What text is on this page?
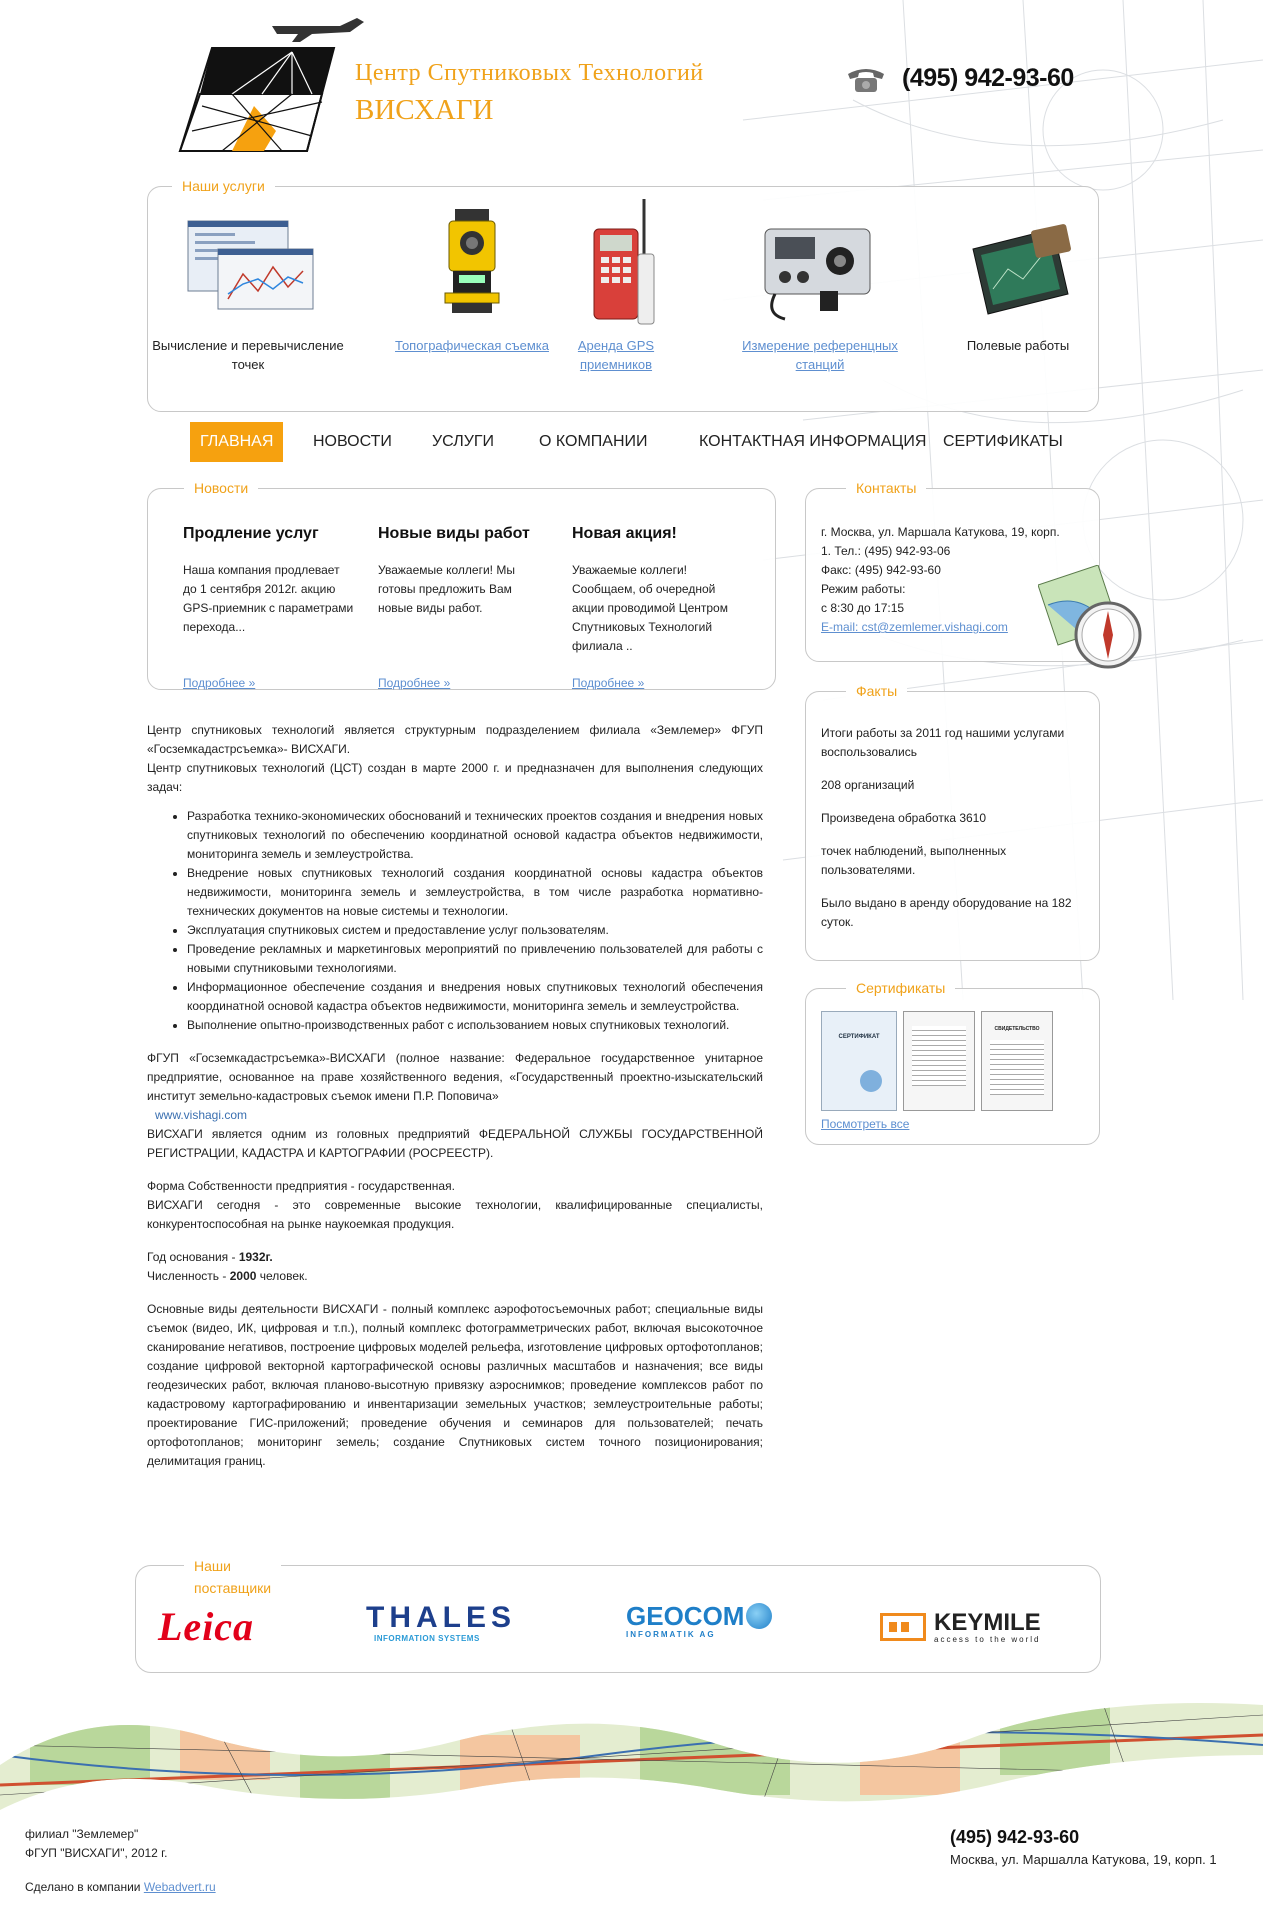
Центр Спутниковых Технологий
ВИСХАГИ
(495) 942-93-60
Наши услуги
Вычисление и перевычисление точек
Топографическая съемка	Аренда GPS приемников
Измерение референцных станций
Полевые работы
ГЛАВНАЯ	НОВОСТИ	УСЛУГИ	О КОМПАНИИ	КОНТАКТНАЯ ИНФОРМАЦИЯ	СЕРТИФИКАТЫ
Новости
Продление услуг
Наша компания продлевает до 1 сентября 2012г. акцию GPS-приемник с параметрами перехода...
Подробнее »
Новые виды работ
Уважаемые коллеги! Мы готовы предложить Вам новые виды работ.
Подробнее »
Новая акция!
Уважаемые коллеги! Сообщаем, об очередной акции проводимой Центром Спутниковых Технологий филиала ..
Подробнее »
Контакты
г. Москва, ул. Маршала Катукова, 19, корп. 1. Тел.: (495) 942-93-06
Факс: (495) 942-93-60
Режим работы:
с 8:30 до 17:15
E-mail: cst@zemlemer.vishagi.com
Факты
Итоги работы за 2011 год нашими услугами воспользовались
208 организаций
Произведена обработка 3610
точек наблюдений, выполненных пользователями.
Было выдано в аренду оборудование на 182 суток.
Сертификаты
СЕРТИФИКАТ
СВИДЕТЕЛЬСТВО
Посмотреть все

Центр спутниковых технологий является структурным подразделением филиала «Землемер» ФГУП «Госземкадастрсъемка»- ВИСХАГИ.

Центр спутниковых технологий (ЦСТ) создан в марте 2000 г. и предназначен для выполнения следующих задач:

• Разработка технико-экономических обоснований и технических проектов создания и внедрения новых спутниковых технологий по обеспечению координатной основой кадастра объектов недвижимости, мониторинга земель и землеустройства.
• Внедрение новых спутниковых технологий создания координатной основы кадастра объектов недвижимости, мониторинга земель и землеустройства, в том числе разработка нормативно-технических документов на новые системы и технологии.
• Эксплуатация спутниковых систем и предоставление услуг пользователям.
• Проведение рекламных и маркетинговых мероприятий по привлечению пользователей для работы с новыми спутниковыми технологиями.
• Информационное обеспечение создания и внедрения новых спутниковых технологий обеспечения координатной основой кадастра объектов недвижимости, мониторинга земель и землеустройства.
• Выполнение опытно-производственных работ с использованием новых спутниковых технологий.

ФГУП «Госземкадастрсъемка»-ВИСХАГИ (полное название: Федеральное государственное унитарное предприятие, основанное на праве хозяйственного ведения, «Государственный проектно-изыскательский институт земельно-кадастровых съемок имени П.Р. Поповича»

www.vishagi.com

ВИСХАГИ является одним из головных предприятий ФЕДЕРАЛЬНОЙ СЛУЖБЫ ГОСУДАРСТВЕННОЙ РЕГИСТРАЦИИ, КАДАСТРА И КАРТОГРАФИИ (РОСРЕЕСТР).

Форма Собственности предприятия - государственная.

ВИСХАГИ сегодня - это современные высокие технологии, квалифицированные специалисты, конкурентоспособная на рынке наукоемкая продукция.

Год основания - 1932г.

Численность - 2000 человек.

Основные виды деятельности ВИСХАГИ - полный комплекс аэрофотосъемочных работ; специальные виды съемок (видео, ИК, цифровая и т.п.), полный комплекс фотограмметрических работ, включая высокоточное сканирование негативов, построение цифровых моделей рельефа, изготовление цифровых ортофотопланов; создание цифровой векторной картографической основы различных масштабов и назначения; все виды геодезических работ, включая планово-высотную привязку аэроснимков; проведение комплексов работ по кадастровому картографированию и инвентаризации земельных участков; землеустроительные работы; проектирование ГИС-приложений; проведение обучения и семинаров для пользователей; печать ортофотопланов; мониторинг земель; создание Спутниковых систем точного позиционирования; делимитация границ.

Наши
поставщики
Leica	THALES
INFORMATION SYSTEMS
GEOCOM
INFORMATIK AG	KEYMILE
access to the world
филиал "Землемер"
ФГУП "ВИСХАГИ", 2012 г.
Сделано в компании Webadvert.ru
(495) 942-93-60
Москва, ул. Маршалла Катукова, 19, корп. 1
